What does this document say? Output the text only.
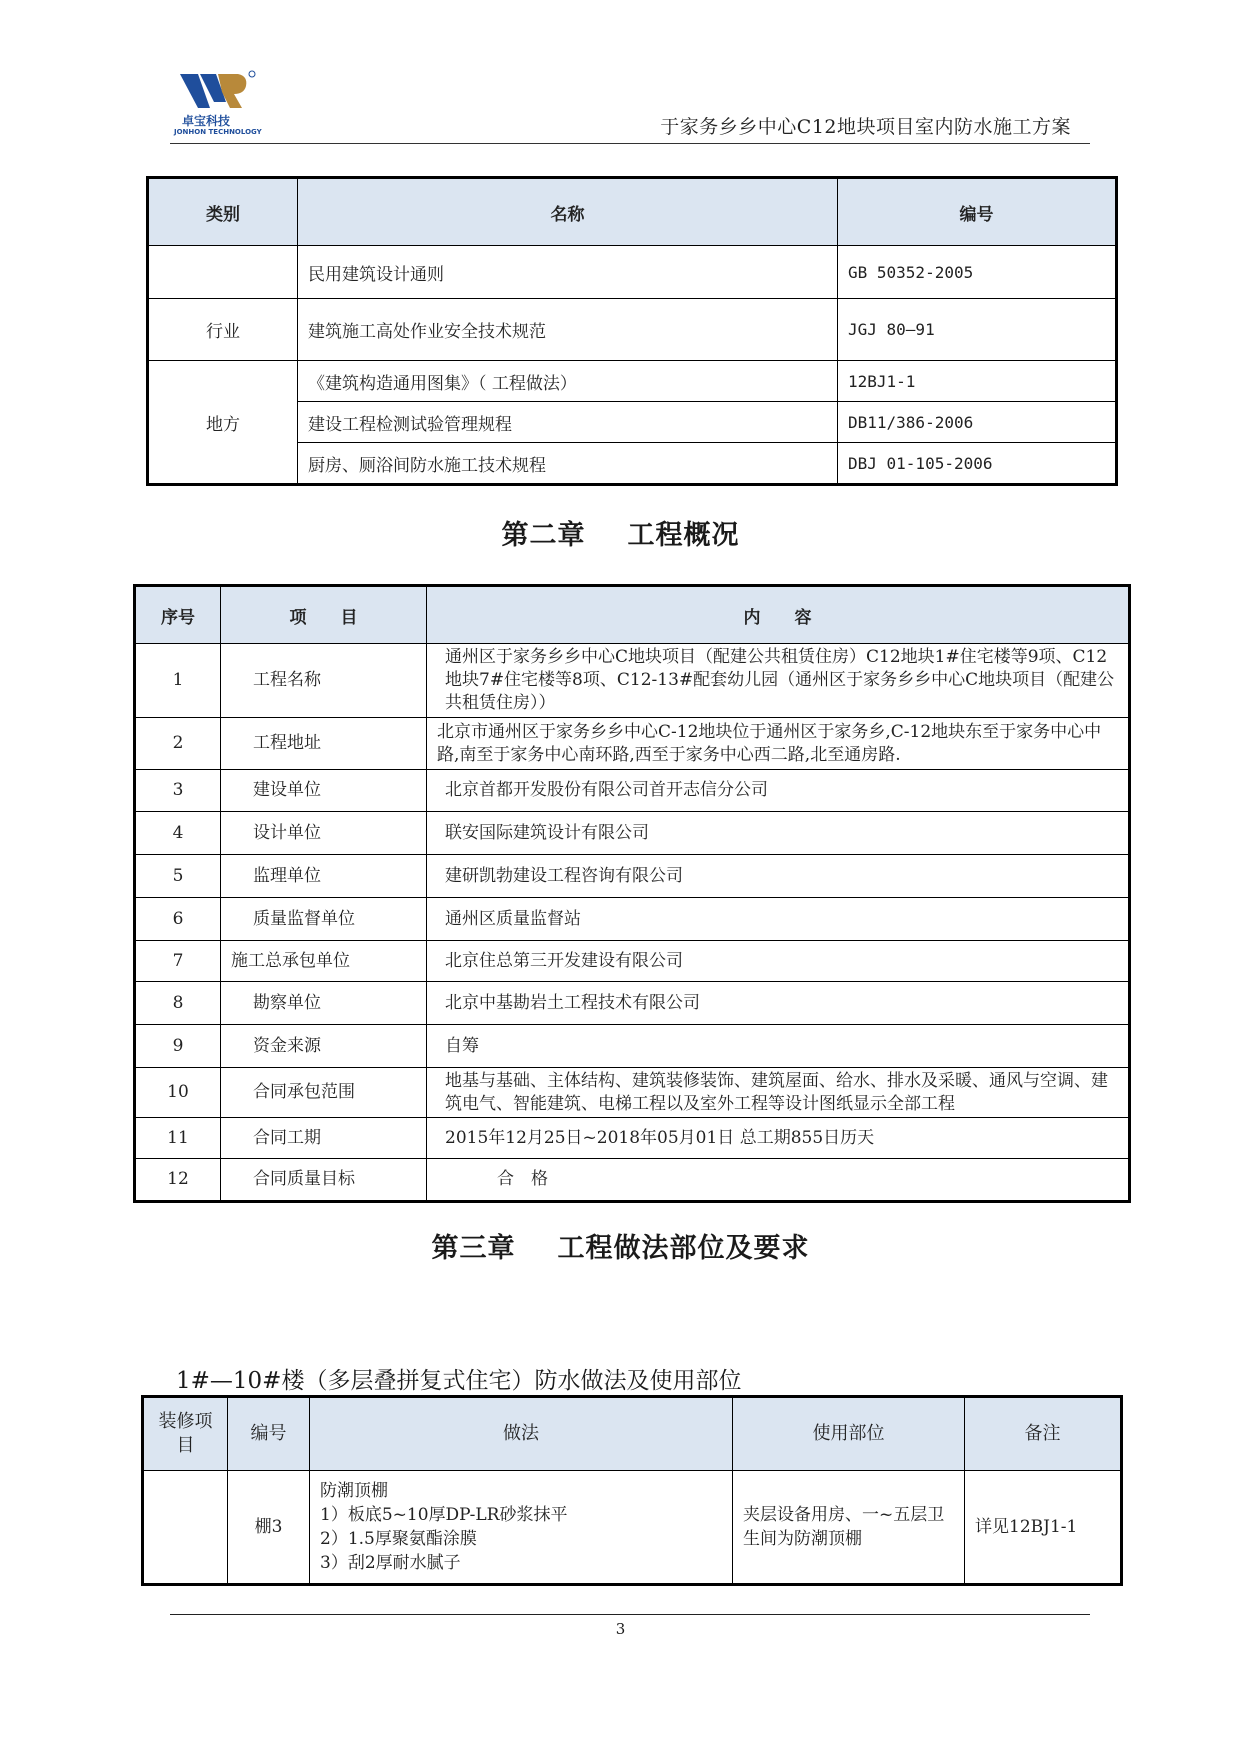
卓宝科技
JONHON TECHNOLOGY	于家务乡乡中心C12地块项目室内防水施工方案
类别	名称	编号
	民用建筑设计通则	GB 50352-2005
行业	建筑施工高处作业安全技术规范	JGJ 80—91
地方	《建筑构造通用图集》（ 工程做法）	12BJ1-1
	建设工程检测试验管理规程	DB11/386-2006
	厨房、厕浴间防水施工技术规程	DBJ 01-105-2006
第二章 工程概况
序号	项　　目	内　　容
1	工程名称	通州区于家务乡乡中心C地块项目（配建公共租赁住房）C12地块1#住宅楼等9项、C12地块7#住宅楼等8项、C12-13#配套幼儿园（通州区于家务乡乡中心C地块项目（配建公共租赁住房））
2	工程地址	北京市通州区于家务乡乡中心C-12地块位于通州区于家务乡,C-12地块东至于家务中心中路,南至于家务中心南环路,西至于家务中心西二路,北至通房路.
3	建设单位	北京首都开发股份有限公司首开志信分公司
4	设计单位	联安国际建筑设计有限公司
5	监理单位	建研凯勃建设工程咨询有限公司
6	质量监督单位	通州区质量监督站
7	施工总承包单位	北京住总第三开发建设有限公司
8	勘察单位	北京中基勘岩土工程技术有限公司
9	资金来源	自筹
10	合同承包范围	地基与基础、主体结构、建筑装修装饰、建筑屋面、给水、排水及采暖、通风与空调、建筑电气、智能建筑、电梯工程以及室外工程等设计图纸显示全部工程
11	合同工期	2015年12月25日~2018年05月01日 总工期855日历天
12	合同质量目标	合　格
第三章 工程做法部位及要求
1#—10#楼（多层叠拼复式住宅）防水做法及使用部位
装修项目	编号	做法	使用部位	备注
	棚3	防潮顶棚
1）板底5~10厚DP-LR砂浆抹平
2）1.5厚聚氨酯涂膜
3）刮2厚耐水腻子	夹层设备用房、一~五层卫生间为防潮顶棚	详见12BJ1-1
3
